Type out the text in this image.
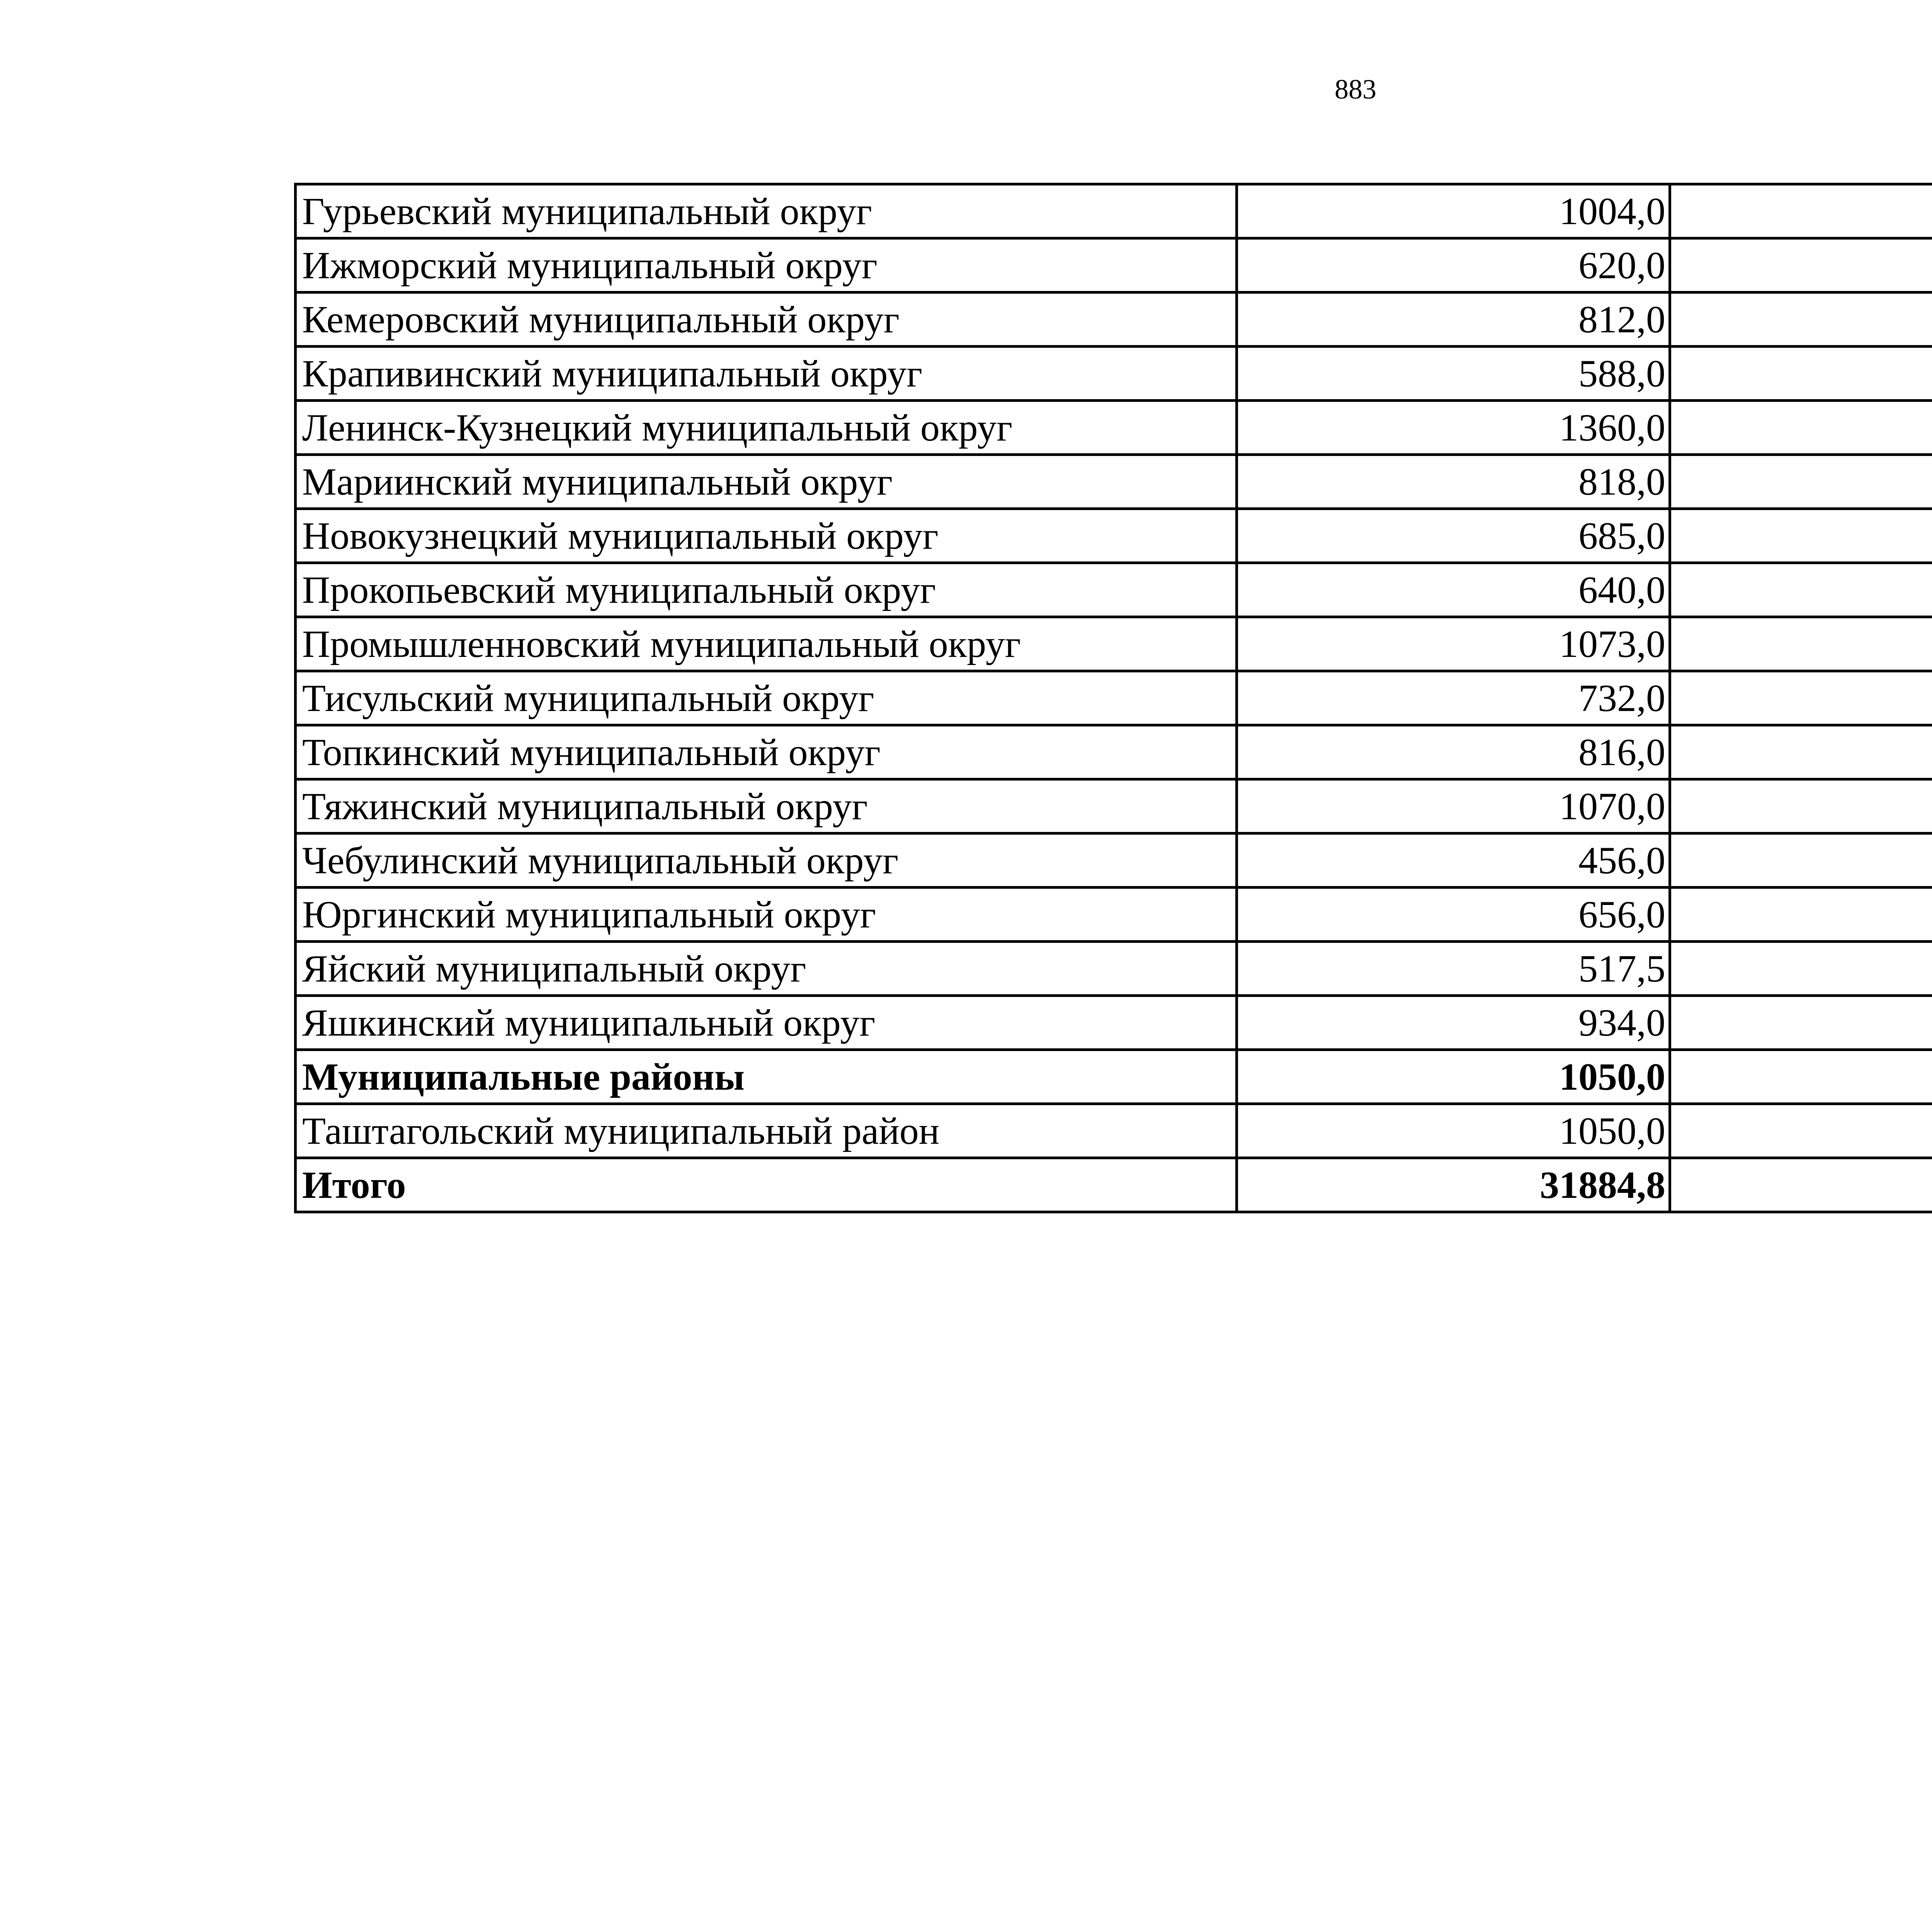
883
Гурьевский муниципальный округ	1004,0		
Ижморский муниципальный округ	620,0		
Кемеровский муниципальный округ	812,0		
Крапивинский муниципальный округ	588,0		
Ленинск-Кузнецкий муниципальный округ	1360,0		
Мариинский муниципальный округ	818,0		
Новокузнецкий муниципальный округ	685,0		
Прокопьевский муниципальный округ	640,0		
Промышленновский муниципальный округ	1073,0		
Тисульский муниципальный округ	732,0		
Топкинский муниципальный округ	816,0		
Тяжинский муниципальный округ	1070,0		
Чебулинский муниципальный округ	456,0		
Юргинский муниципальный округ	656,0		
Яйский муниципальный округ	517,5		
Яшкинский муниципальный округ	934,0		
Муниципальные районы	1050,0		
Таштагольский муниципальный район	1050,0		
Итого	31884,8		
